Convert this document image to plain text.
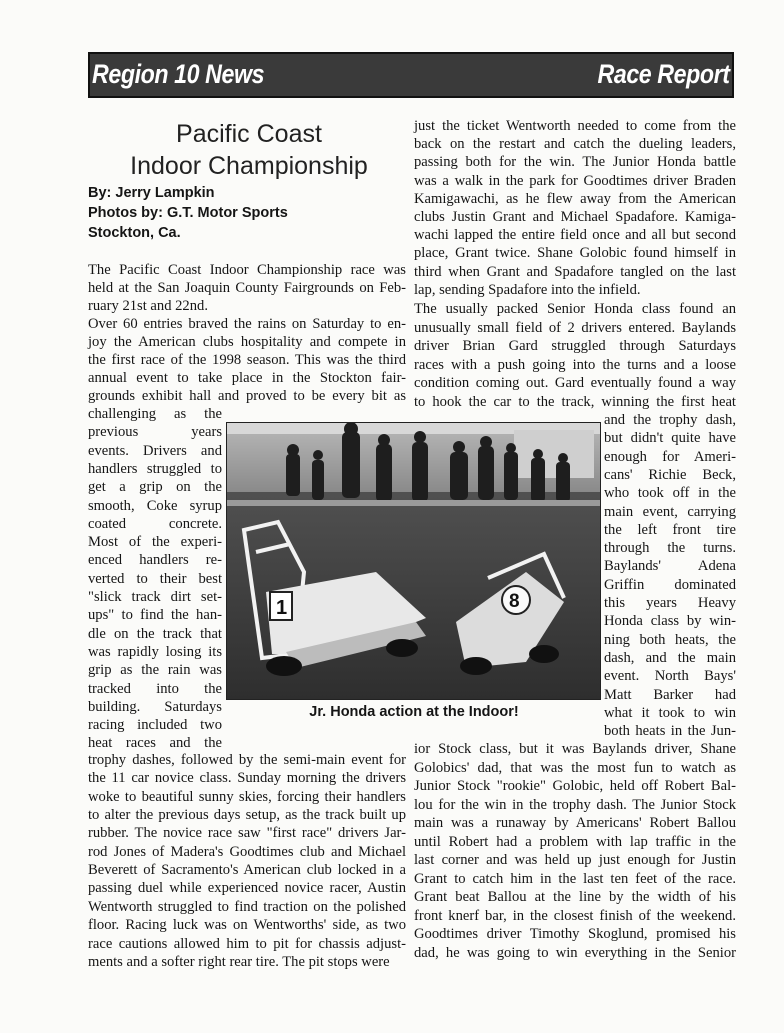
Region 10 News	Race Report
Pacific Coast
Indoor Championship
By: Jerry Lampkin
Photos by: G.T. Motor Sports
Stockton, Ca.
The Pacific Coast Indoor Championship race was
held at the San Joaquin County Fairgrounds on Feb-
ruary 21st and 22nd.
Over 60 entries braved the rains on Saturday to en-
joy the American clubs hospitality and compete in
the first race of the 1998 season. This was the third
annual event to take place in the Stockton fair-
grounds exhibit hall and proved to be every bit as
challenging as the
previous years
events. Drivers and
handlers struggled to
get a grip on the
smooth, Coke syrup
coated concrete.
Most of the experi-
enced handlers re-
verted to their best
"slick track dirt set-
ups" to find the han-
dle on the track that
was rapidly losing its
grip as the rain was
tracked into the
building. Saturdays
racing included two
heat races and the
trophy dashes, followed by the semi-main event for
the 11 car novice class. Sunday morning the drivers
woke to beautiful sunny skies, forcing their handlers
to alter the previous days setup, as the track built up
rubber. The novice race saw "first race" drivers Jar-
rod Jones of Madera's Goodtimes club and Michael
Beverett of Sacramento's American club locked in a
passing duel while experienced novice racer, Austin
Wentworth struggled to find traction on the polished
floor. Racing luck was on Wentworths' side, as two
race cautions allowed him to pit for chassis adjust-
ments and a softer right rear tire. The pit stops were
just the ticket Wentworth needed to come from the
back on the restart and catch the dueling leaders,
passing both for the win. The Junior Honda battle
was a walk in the park for Goodtimes driver Braden
Kamigawachi, as he flew away from the American
clubs Justin Grant and Michael Spadafore. Kamiga-
wachi lapped the entire field once and all but second
place, Grant twice. Shane Golobic found himself in
third when Grant and Spadafore tangled on the last
lap, sending Spadafore into the infield.
The usually packed Senior Honda class found an
unusually small field of 2 drivers entered. Baylands
driver Brian Gard struggled through Saturdays
races with a push going into the turns and a loose
condition coming out. Gard eventually found a way
to hook the car to the track, winning the first heat
and the trophy dash,
but didn't quite have
enough for Ameri-
cans' Richie Beck,
who took off in the
main event, carrying
the left front tire
through the turns.
Baylands' Adena
Griffin dominated
this years Heavy
Honda class by win-
ning both heats, the
dash, and the main
event. North Bays'
Matt Barker had
what it took to win
both heats in the Jun-
ior Stock class, but it was Baylands driver, Shane
Golobics' dad, that was the most fun to watch as
Junior Stock "rookie" Golobic, held off Robert Bal-
lou for the win in the trophy dash. The Junior Stock
main was a runaway by Americans' Robert Ballou
until Robert had a problem with lap traffic in the
last corner and was held up just enough for Justin
Grant to catch him in the last ten feet of the race.
Grant beat Ballou at the line by the width of his
front knerf bar, in the closest finish of the weekend.
Goodtimes driver Timothy Skoglund, promised his
dad, he was going to win everything in the Senior
1	8
Jr. Honda action at the Indoor!
